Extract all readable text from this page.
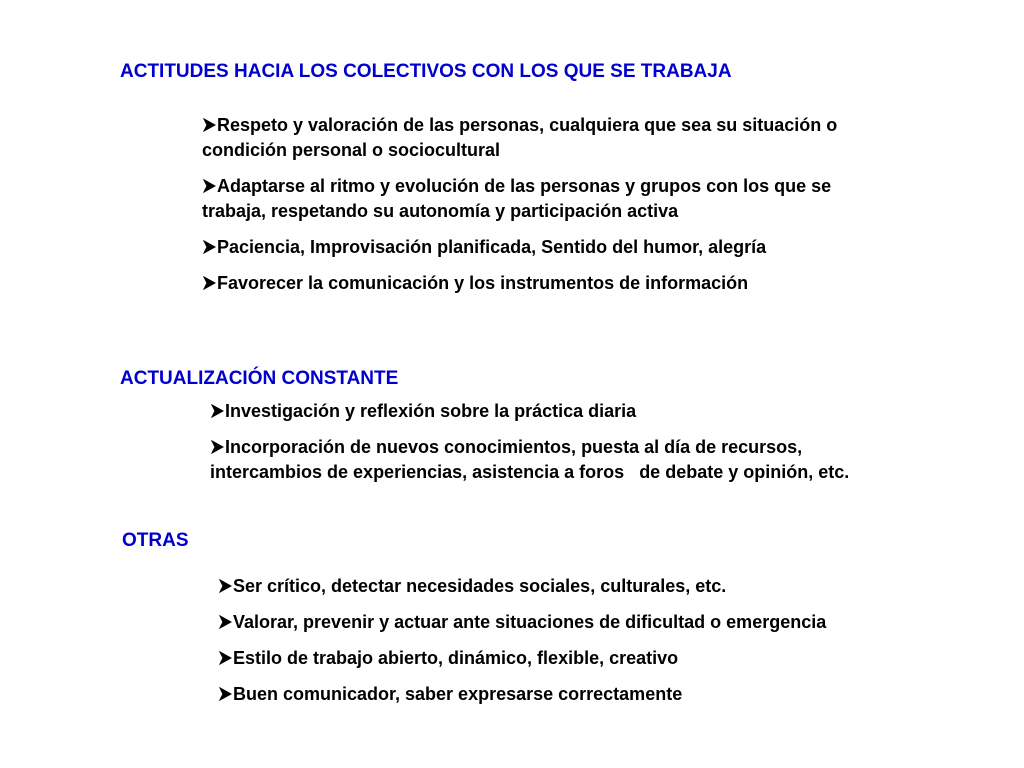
ACTITUDES HACIA LOS COLECTIVOS CON LOS QUE SE TRABAJA
Respeto y valoración de las personas, cualquiera que sea su situación o condición personal o sociocultural
Adaptarse al ritmo y evolución de las personas y grupos con los que se trabaja, respetando su autonomía y participación activa
Paciencia, Improvisación planificada, Sentido del humor, alegría
Favorecer la comunicación y los instrumentos de información
ACTUALIZACIÓN CONSTANTE
Investigación y reflexión sobre la práctica diaria
Incorporación de nuevos conocimientos, puesta al día de recursos, intercambios de experiencias, asistencia a foros   de debate y opinión, etc.
OTRAS
Ser crítico, detectar necesidades sociales, culturales, etc.
Valorar, prevenir y actuar ante situaciones de dificultad o emergencia
Estilo de trabajo abierto, dinámico, flexible, creativo
Buen comunicador, saber expresarse correctamente
